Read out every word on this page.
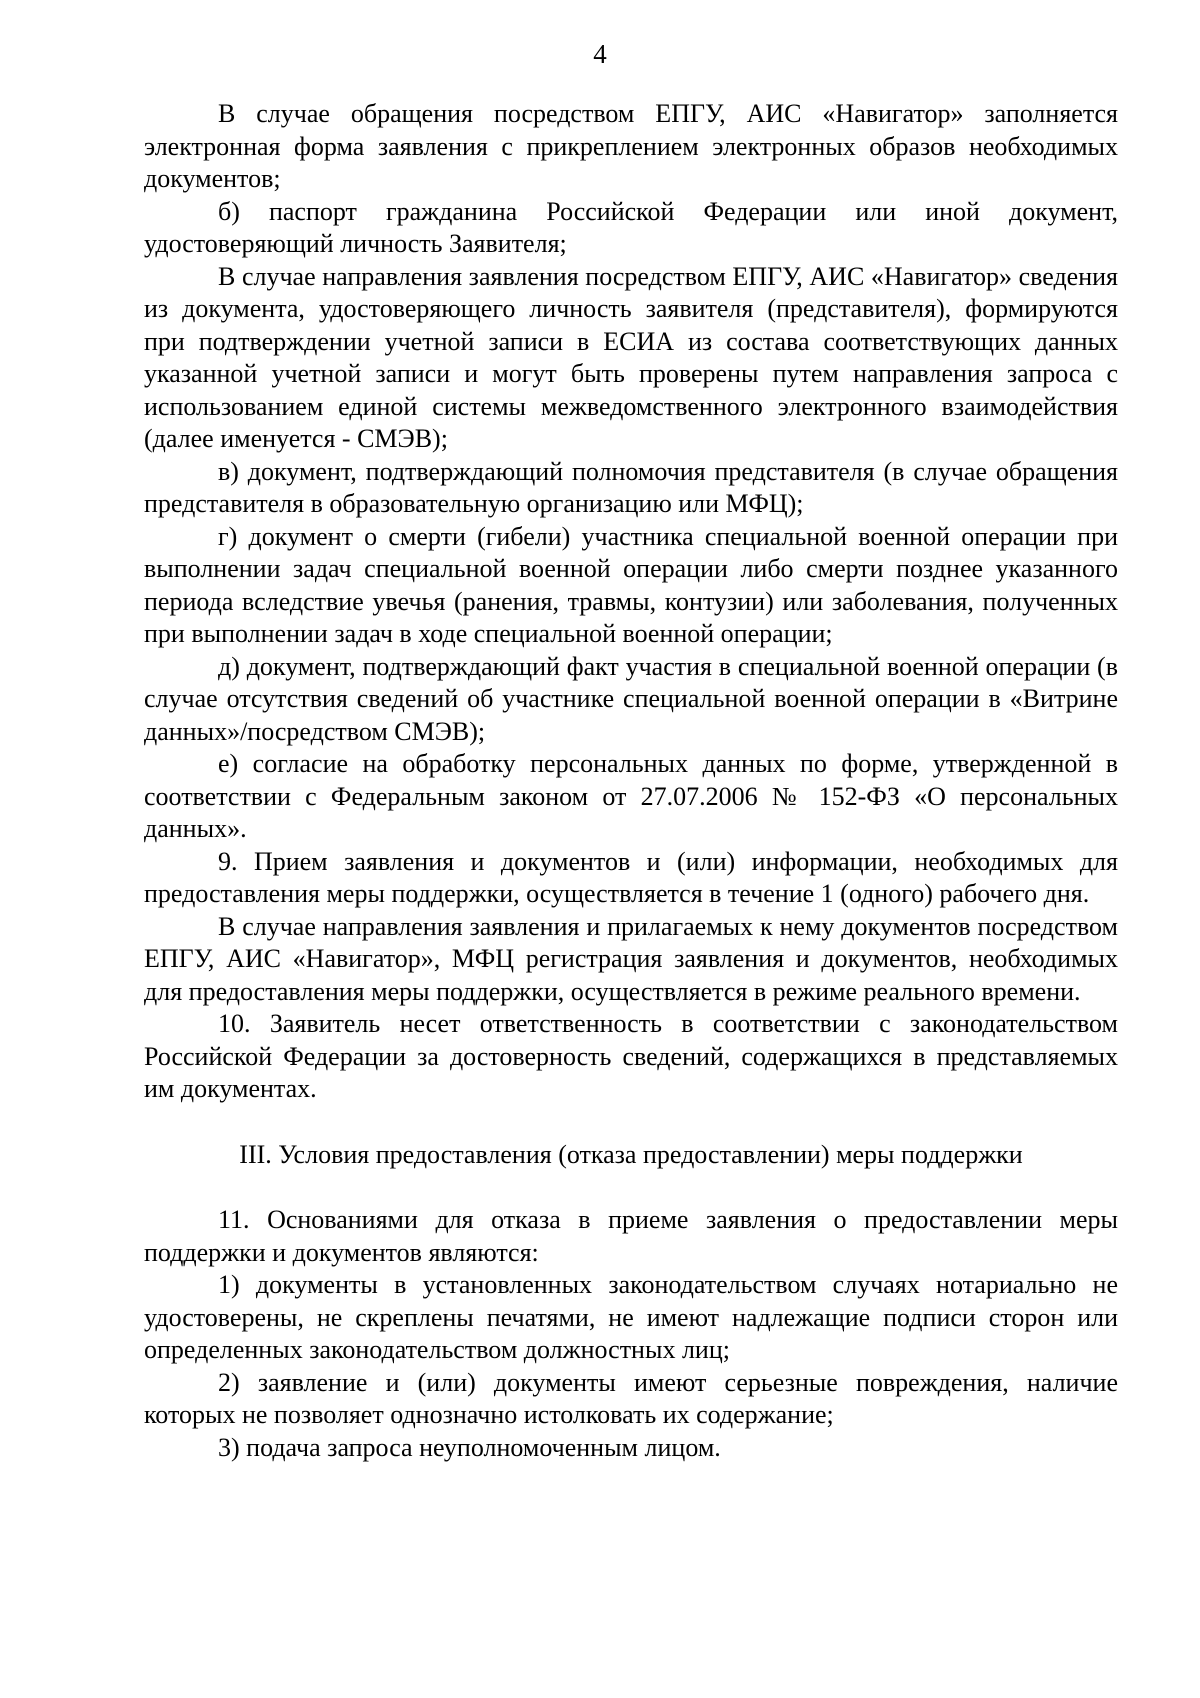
4

В случае обращения посредством ЕПГУ, АИС «Навигатор» заполняется электронная форма заявления с прикреплением электронных образов необходимых документов;

б) паспорт гражданина Российской Федерации или иной документ, удостоверяющий личность Заявителя;

В случае направления заявления посредством ЕПГУ, АИС «Навигатор» сведения из документа, удостоверяющего личность заявителя (представителя), формируются при подтверждении учетной записи в ЕСИА из состава соответствующих данных указанной учетной записи и могут быть проверены путем направления запроса с использованием единой системы межведомственного электронного взаимодействия (далее именуется - СМЭВ);

в) документ, подтверждающий полномочия представителя (в случае обращения представителя в образовательную организацию или МФЦ);

г) документ о смерти (гибели) участника специальной военной операции при выполнении задач специальной военной операции либо смерти позднее указанного периода вследствие увечья (ранения, травмы, контузии) или заболевания, полученных при выполнении задач в ходе специальной военной операции;

д) документ, подтверждающий факт участия в специальной военной операции (в случае отсутствия сведений об участнике специальной военной операции в «Витрине данных»/посредством СМЭВ);

е) согласие на обработку персональных данных по форме, утвержденной в соответствии с Федеральным законом от 27.07.2006 № 152-ФЗ «О персональных данных».

9. Прием заявления и документов и (или) информации, необходимых для предоставления меры поддержки, осуществляется в течение 1 (одного) рабочего дня.

В случае направления заявления и прилагаемых к нему документов посредством ЕПГУ, АИС «Навигатор», МФЦ регистрация заявления и документов, необходимых для предоставления меры поддержки, осуществляется в режиме реального времени.

10. Заявитель несет ответственность в соответствии с законодательством Российской Федерации за достоверность сведений, содержащихся в представляемых им документах.

III. Условия предоставления (отказа предоставлении) меры поддержки

11. Основаниями для отказа в приеме заявления о предоставлении меры поддержки и документов являются:

1) документы в установленных законодательством случаях нотариально не удостоверены, не скреплены печатями, не имеют надлежащие подписи сторон или определенных законодательством должностных лиц;

2) заявление и (или) документы имеют серьезные повреждения, наличие которых не позволяет однозначно истолковать их содержание;

3) подача запроса неуполномоченным лицом.
